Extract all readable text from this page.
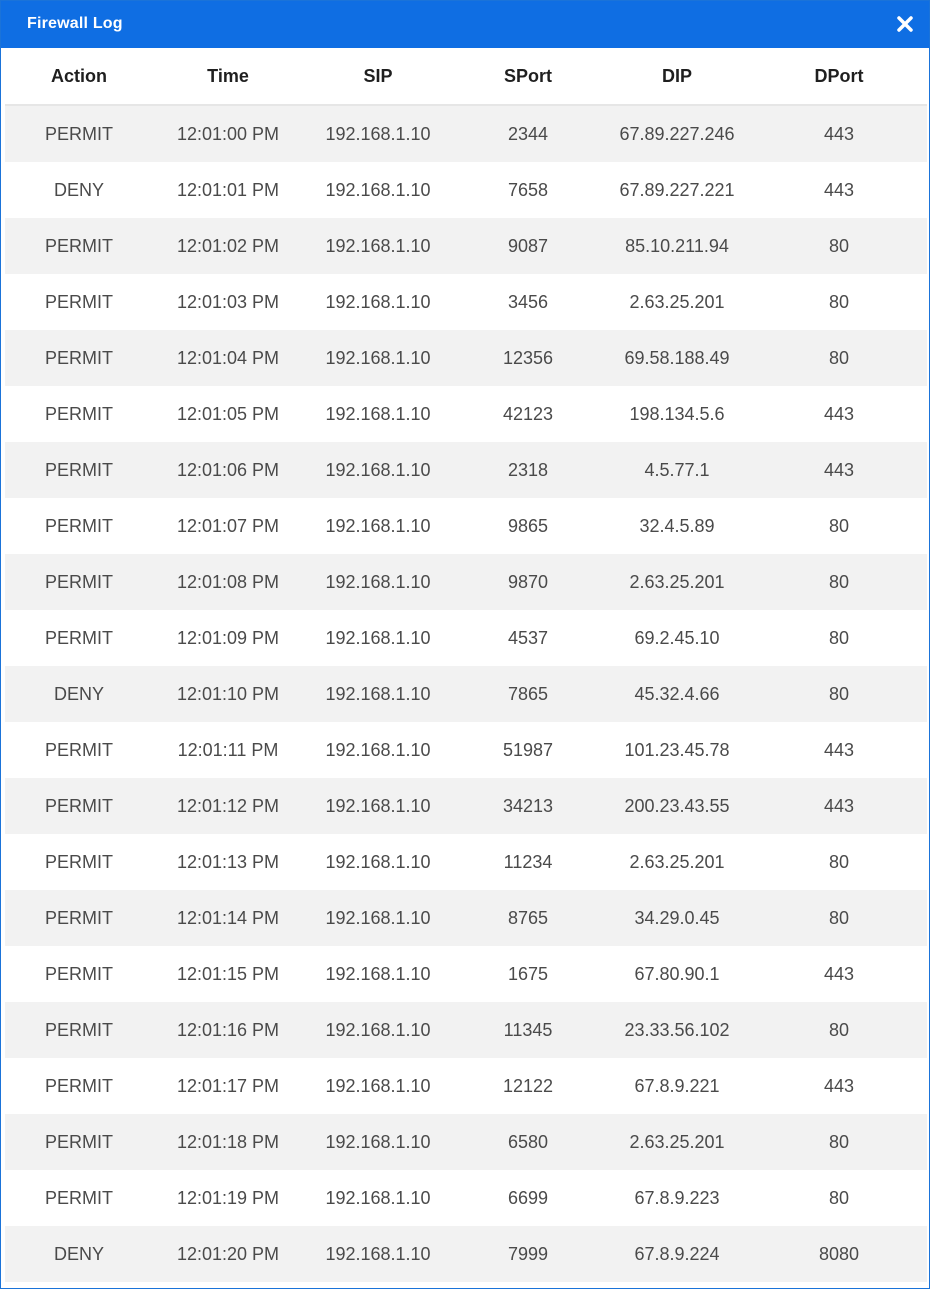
Firewall Log
Action	Time	SIP	SPort	DIP	DPort
PERMIT	12:01:00 PM	192.168.1.10	2344	67.89.227.246	443
DENY	12:01:01 PM	192.168.1.10	7658	67.89.227.221	443
PERMIT	12:01:02 PM	192.168.1.10	9087	85.10.211.94	80
PERMIT	12:01:03 PM	192.168.1.10	3456	2.63.25.201	80
PERMIT	12:01:04 PM	192.168.1.10	12356	69.58.188.49	80
PERMIT	12:01:05 PM	192.168.1.10	42123	198.134.5.6	443
PERMIT	12:01:06 PM	192.168.1.10	2318	4.5.77.1	443
PERMIT	12:01:07 PM	192.168.1.10	9865	32.4.5.89	80
PERMIT	12:01:08 PM	192.168.1.10	9870	2.63.25.201	80
PERMIT	12:01:09 PM	192.168.1.10	4537	69.2.45.10	80
DENY	12:01:10 PM	192.168.1.10	7865	45.32.4.66	80
PERMIT	12:01:11 PM	192.168.1.10	51987	101.23.45.78	443
PERMIT	12:01:12 PM	192.168.1.10	34213	200.23.43.55	443
PERMIT	12:01:13 PM	192.168.1.10	11234	2.63.25.201	80
PERMIT	12:01:14 PM	192.168.1.10	8765	34.29.0.45	80
PERMIT	12:01:15 PM	192.168.1.10	1675	67.80.90.1	443
PERMIT	12:01:16 PM	192.168.1.10	11345	23.33.56.102	80
PERMIT	12:01:17 PM	192.168.1.10	12122	67.8.9.221	443
PERMIT	12:01:18 PM	192.168.1.10	6580	2.63.25.201	80
PERMIT	12:01:19 PM	192.168.1.10	6699	67.8.9.223	80
DENY	12:01:20 PM	192.168.1.10	7999	67.8.9.224	8080
